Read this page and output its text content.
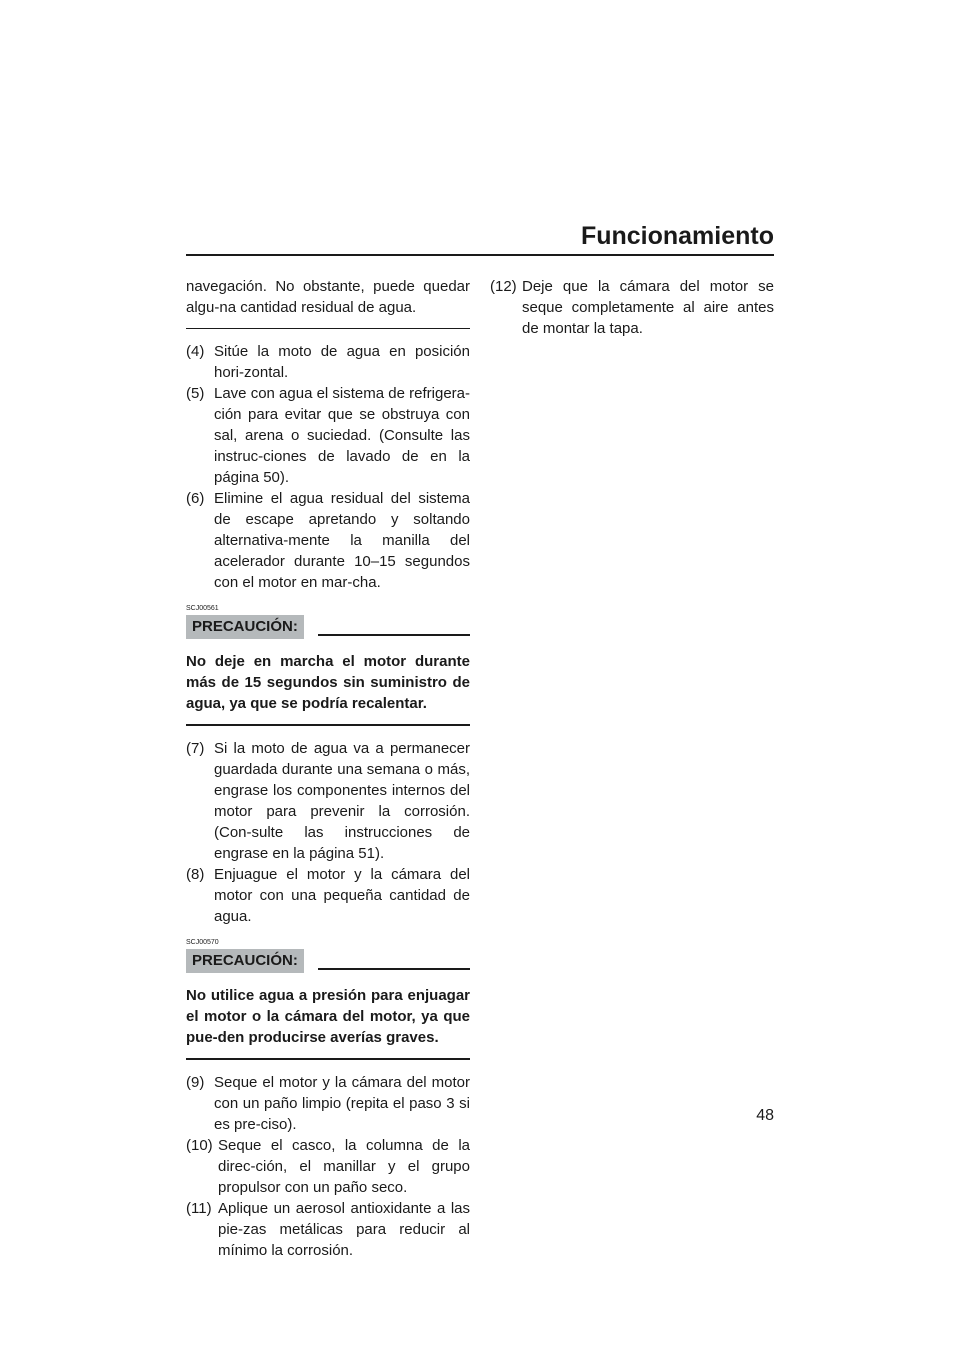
Funcionamiento

navegación. No obstante, puede quedar algu-na cantidad residual de agua.

(4) Sitúe la moto de agua en posición hori-zontal.
(5) Lave con agua el sistema de refrigera-ción para evitar que se obstruya con sal, arena o suciedad. (Consulte las instruc-ciones de lavado de en la página 50).
(6) Elimine el agua residual del sistema de escape apretando y soltando alternativa-mente la manilla del acelerador durante 10–15 segundos con el motor en mar-cha.
SCJ00561
PRECAUCIÓN:

No deje en marcha el motor durante más de 15 segundos sin suministro de agua, ya que se podría recalentar.

(7) Si la moto de agua va a permanecer guardada durante una semana o más, engrase los componentes internos del motor para prevenir la corrosión. (Con-sulte las instrucciones de engrase en la página 51).
(8) Enjuague el motor y la cámara del motor con una pequeña cantidad de agua.
SCJ00570
PRECAUCIÓN:

No utilice agua a presión para enjuagar el motor o la cámara del motor, ya que pue-den producirse averías graves.

(9) Seque el motor y la cámara del motor con un paño limpio (repita el paso 3 si es pre-ciso).
(10) Seque el casco, la columna de la direc-ción, el manillar y el grupo propulsor con un paño seco.
(11) Aplique un aerosol antioxidante a las pie-zas metálicas para reducir al mínimo la corrosión.
(12) Deje que la cámara del motor se seque completamente al aire antes de montar la tapa.
48
